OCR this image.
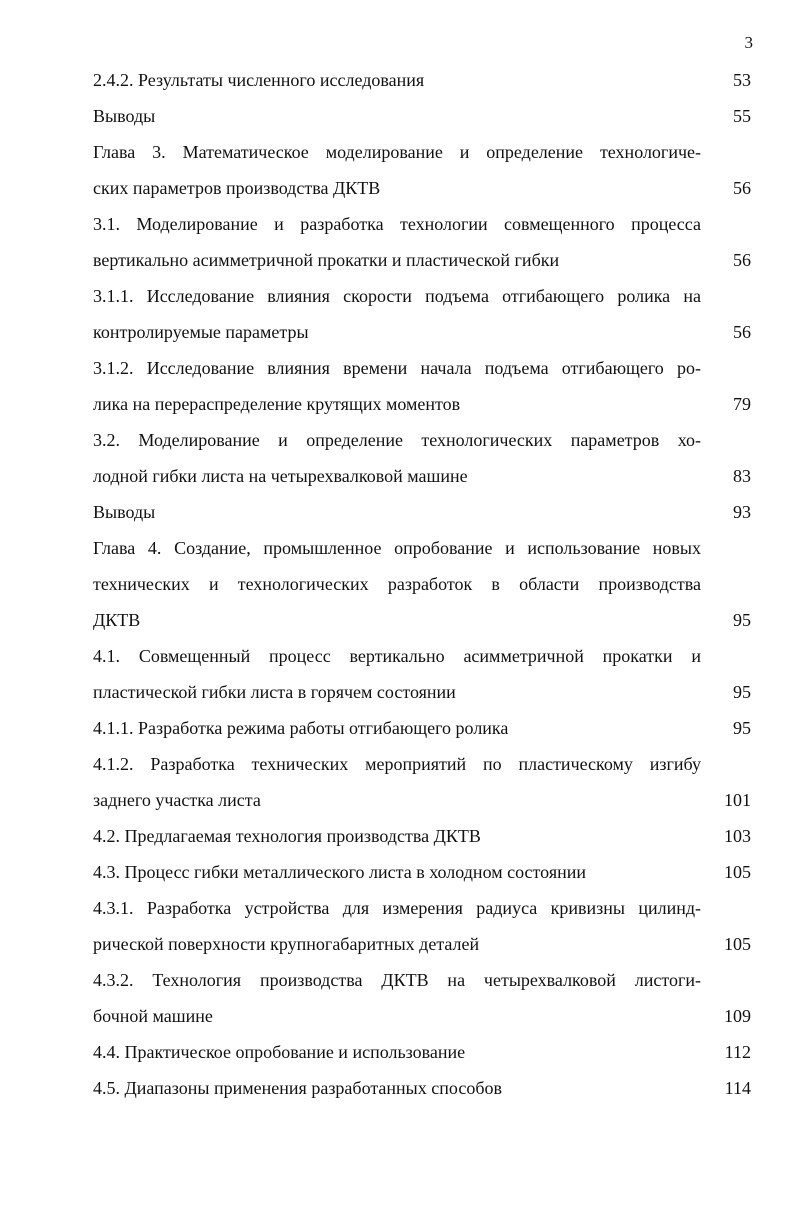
3
2.4.2. Результаты численного исследования	53
Выводы	55
Глава 3. Математическое моделирование и определение технологиче-
ских параметров производства ДКТВ	56
3.1. Моделирование и разработка технологии совмещенного процесса
вертикально асимметричной прокатки и пластической гибки	56
3.1.1. Исследование влияния скорости подъема отгибающего ролика на
контролируемые параметры	56
3.1.2. Исследование влияния времени начала подъема отгибающего ро-
лика на перераспределение крутящих моментов	79
3.2. Моделирование и определение технологических параметров хо-
лодной гибки листа на четырехвалковой машине	83
Выводы	93
Глава 4. Создание, промышленное опробование и использование новых
технических и технологических разработок в области производства
ДКТВ	95
4.1. Совмещенный процесс вертикально асимметричной прокатки и
пластической гибки листа в горячем состоянии	95
4.1.1. Разработка режима работы отгибающего ролика	95
4.1.2. Разработка технических мероприятий по пластическому изгибу
заднего участка листа	101
4.2. Предлагаемая технология производства ДКТВ	103
4.3. Процесс гибки металлического листа в холодном состоянии	105
4.3.1. Разработка устройства для измерения радиуса кривизны цилинд-
рической поверхности крупногабаритных деталей	105
4.3.2. Технология производства ДКТВ на четырехвалковой листоги-
бочной машине	109
4.4. Практическое опробование и использование	112
4.5. Диапазоны применения разработанных способов	114
